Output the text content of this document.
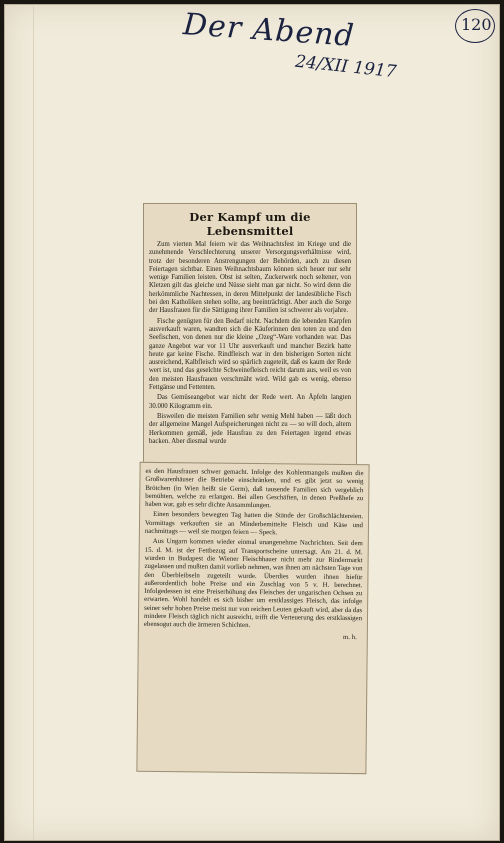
Der Abend
24/XII 1917
120
Der Kampf um die Lebensmittel

Zum vierten Mal feiern wir das Weihnachtsfest im Kriege und die zunehmende Verschlechterung unserer Versorgungsverhältnisse wird, trotz der besonderen Anstrengungen der Behörden, auch zu diesen Feiertagen sichtbar. Einen Weihnachtsbaum können sich heuer nur sehr wenige Familien leisten. Obst ist selten, Zuckerwerk noch seltener, von Kletzen gilt das gleiche und Nüsse sieht man gar nicht. So wird denn die herkömmliche Nachtessen, in deren Mittelpunkt der landesübliche Fisch bei den Katholiken stehen sollte, arg beeinträchtigt. Aber auch die Sorge der Hausfrauen für die Sättigung ihrer Familien ist schwerer als vorjahre.

Fische genügten für den Bedarf nicht. Nachdem die lebenden Karpfen ausverkauft waren, wandten sich die Käuferinnen den toten zu und den Seefischen, von denen nur die kleine „Ozeg“-Ware vorhanden war. Das ganze Angebot war vor 11 Uhr ausverkauft und mancher Bezirk hatte heute gar keine Fische. Rindfleisch war in den bisherigen Sorten nicht ausreichend, Kalbfleisch wird so spärlich zugeteilt, daß es kaum der Rede wert ist, und das geselchte Schweinefleisch reicht darum aus, weil es von den meisten Hausfrauen verschmäht wird. Wild gab es wenig, ebenso Fettgänse und Fettenten.

Das Gemüseangebot war nicht der Rede wert. An Äpfeln langten 30.000 Kilogramm ein.

Bisweilen die meisten Familien sehr wenig Mehl haben — läßt doch der allgemeine Mangel Aufspeicherungen nicht zu — so will doch, altem Herkommen gemäß, jede Hausfrau zu den Feiertagen irgend etwas backen. Aber diesmal wurde

es den Hausfrauen schwer gemacht. Infolge des Kohlenmangels mußten die Großwarenhäuser die Betriebe einschränken, und es gibt jetzt so wenig Brötchen (in Wien heißt sie Germ), daß tausende Familien sich vergeblich bemühten, welche zu erlangen. Bei allen Geschäften, in denen Preßhefe zu haben war, gab es sehr dichte Ansammlungen.

Einen besonders bewegten Tag hatten die Stände der Großschlächtereien. Vormittags verkauften sie an Minderbemittelte Fleisch und Käse und nachmittags — weil sie morgen feiern — Speck.

Aus Ungarn kommen wieder einmal unangenehme Nachrichten. Seit dem 15. d. M. ist der Fettbezug auf Transportscheine untersagt. Am 21. d. M. wurden in Budapest die Wiener Fleischhauer nicht mehr zur Rindermarkt zugelassen und mußten damit vorlieb nehmen, was ihnen am nächsten Tage von den Überbleibseln zugeteilt wurde. Überdies wurden ihnen hiefür außerordentlich hohe Preise und ein Zuschlag von 5 v. H. berechnet. Infolgedessen ist eine Preiserhöhung des Fleisches der ungarischen Ochsen zu erwarten. Wohl handelt es sich bisher um erstklassiges Fleisch, das infolge seiner sehr hohen Preise meist nur von reichen Leuten gekauft wird, aber da das mindere Fleisch täglich nicht ausreicht, trifft die Verteuerung des erstklassigen ebensogut auch die ärmeren Schichten.

m. h.
